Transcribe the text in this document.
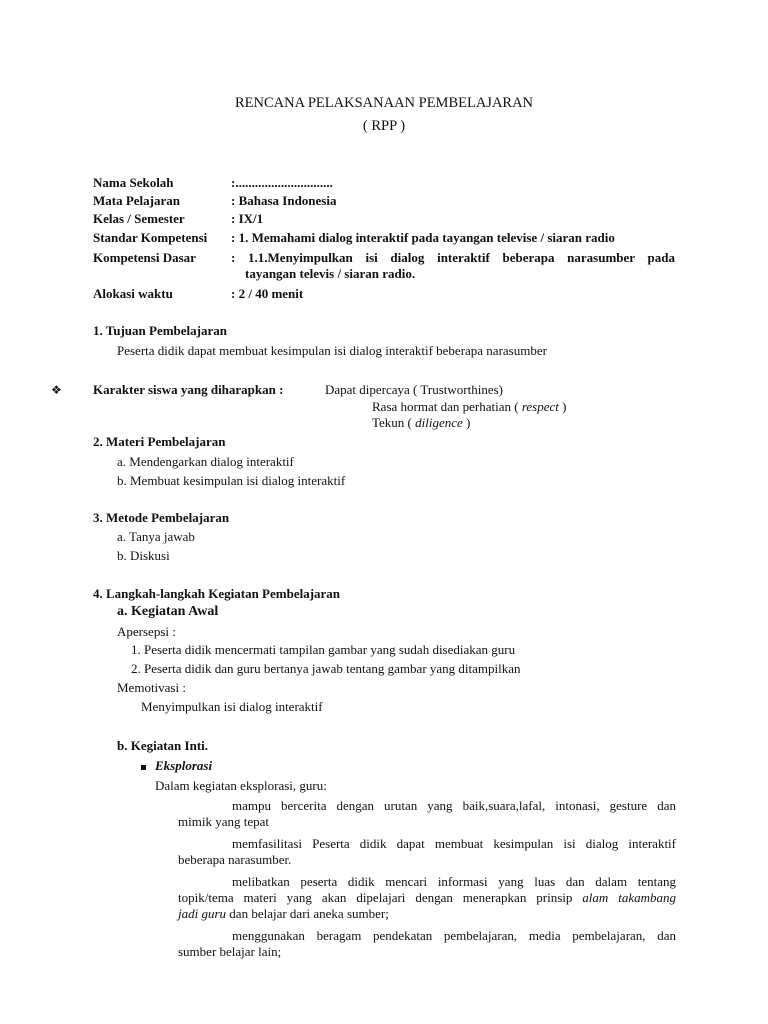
RENCANA PELAKSANAAN PEMBELAJARAN
( RPP )
Nama Sekolah	:..............................
Mata Pelajaran	: Bahasa Indonesia
Kelas / Semester	: IX/1
Standar Kompetensi : 1. Memahami dialog interaktif pada tayangan televise / siaran radio
Kompetensi Dasar	: 1.1.Menyimpulkan isi dialog interaktif beberapa narasumber pada
tayangan televis / siaran radio.
Alokasi waktu	: 2 / 40 menit
1. Tujuan Pembelajaran
Peserta didik dapat membuat kesimpulan isi dialog interaktif beberapa narasumber
❖ Karakter siswa yang diharapkan :	Dapat dipercaya ( Trustworthines)
Rasa hormat dan perhatian ( respect )
Tekun ( diligence )
2. Materi Pembelajaran
a. Mendengarkan dialog interaktif
b. Membuat kesimpulan isi dialog interaktif
3. Metode Pembelajaran
a. Tanya jawab
b. Diskusi
4. Langkah-langkah Kegiatan Pembelajaran
a. Kegiatan Awal
Apersepsi :
1. Peserta didik mencermati tampilan gambar yang sudah disediakan guru
2. Peserta didik dan guru bertanya jawab tentang gambar yang ditampilkan
Memotivasi :
Menyimpulkan isi dialog interaktif
b. Kegiatan Inti.
Eksplorasi
Dalam kegiatan eksplorasi, guru:
mampu bercerita dengan urutan yang baik,suara,lafal, intonasi, gesture dan
mimik yang tepat
memfasilitasi Peserta didik dapat membuat kesimpulan isi dialog interaktif
beberapa narasumber.
melibatkan peserta didik mencari informasi yang luas dan dalam tentang
topik/tema materi yang akan dipelajari dengan menerapkan prinsip alam takambang
jadi guru dan belajar dari aneka sumber;
menggunakan beragam pendekatan pembelajaran, media pembelajaran, dan
sumber belajar lain;
